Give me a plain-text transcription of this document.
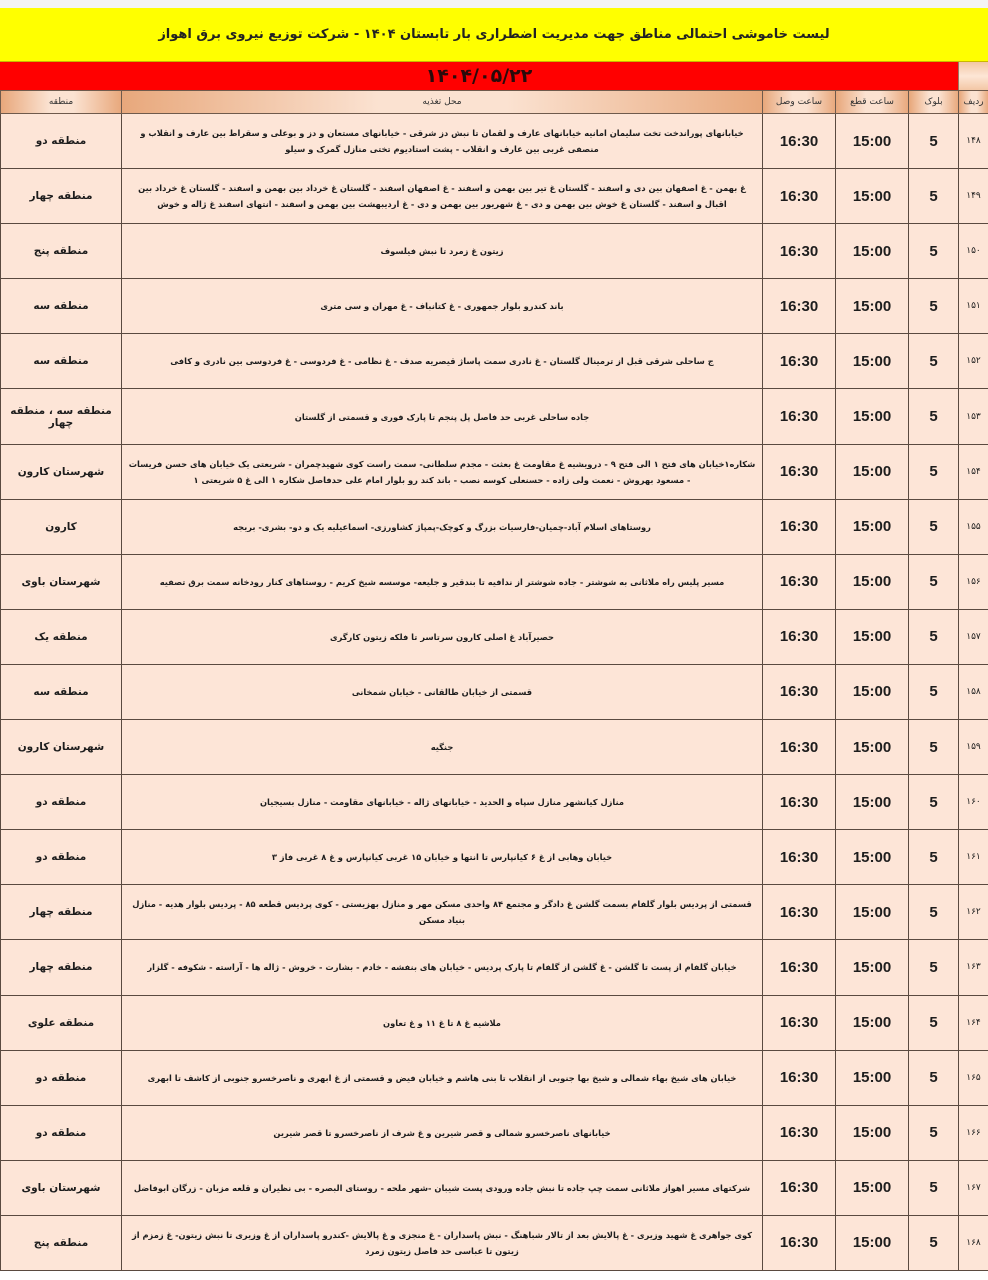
لیست خاموشی احتمالی مناطق جهت مدیریت اضطراری بار تابستان ۱۴۰۴ - شرکت توزیع نیروی برق اهواز
۱۴۰۴/۰۵/۲۲
ردیف	بلوک	ساعت قطع	ساعت وصل	محل تغذیه	منطقه
۱۴۸	5	15:00	16:30	خیابانهای پوراندخت تخت سلیمان امانیه خیابانهای عارف و لقمان تا نبش دز شرقی - خیابانهای مستعان و دز و بوعلی و سقراط بین عارف و انقلاب و منصفی غربی بین عارف و انقلاب - پشت استادیوم تختی منازل گمرک و سیلو	منطقه دو
۱۴۹	5	15:00	16:30	غ بهمن - غ اصفهان بین دی و اسفند - گلستان غ تیر بین بهمن و اسفند - غ اصفهان اسفند - گلستان غ خرداد بین بهمن و اسفند - گلستان غ خرداد بین اقبال و اسفند - گلستان غ خوش بین بهمن و دی - غ شهریور بین بهمن و دی - غ اردیبهشت بین بهمن و اسفند - انتهای اسفند غ ژاله و خوش	منطقه چهار
۱۵۰	5	15:00	16:30	زیتون غ زمرد تا نبش فیلسوف	منطقه پنج
۱۵۱	5	15:00	16:30	باند کندرو بلوار جمهوری - غ کتانباف - غ مهران و سی متری	منطقه سه
۱۵۲	5	15:00	16:30	ج ساحلی شرقی قبل از ترمینال گلستان - غ نادری سمت پاساژ قیصریه صدف - غ نظامی - غ فردوسی - غ فردوسی بین نادری و کافی	منطقه سه
۱۵۳	5	15:00	16:30	جاده ساحلی غربی حد فاصل پل پنجم تا پارک فوری و قسمتی از گلستان	منطقه سه ، منطقه چهار
۱۵۴	5	15:00	16:30	شکاره۱خیابان های فتح ۱ الی فتح ۹ - درویشیه غ مقاومت غ بعثت - مجدم سلطانی- سمت راست کوی شهیدچمران - شریعتی یک خیابان های حسن فریسات - مسعود بهروش - نعمت ولی زاده - حسنعلی کوسه نصب - باند کند رو بلوار امام علی حدفاصل شکاره ۱ الی غ ۵ شریعتی ۱	شهرستان کارون
۱۵۵	5	15:00	16:30	روستاهای اسلام آباد-چمیان-فارسیات بزرگ و کوچک-پمپاژ کشاورزی- اسماعیلیه یک و دو- بشری- بریجه	کارون
۱۵۶	5	15:00	16:30	مسیر پلیس راه ملاثانی به شوشتر - جاده شوشتر از ندافیه تا بندقیر و جلیعه- موسسه شیخ کریم - روستاهای کنار رودخانه سمت برق تصفیه	شهرستان باوی
۱۵۷	5	15:00	16:30	حصیرآباد غ اصلی کارون سرتاسر تا فلکه زیتون کارگری	منطقه یک
۱۵۸	5	15:00	16:30	قسمتی از خیابان طالقانی - خیابان شمخانی	منطقه سه
۱۵۹	5	15:00	16:30	جنگیه	شهرستان کارون
۱۶۰	5	15:00	16:30	منازل کیانشهر منازل سپاه و الحدید - خیابانهای ژاله - خیابانهای مقاومت - منازل بسیجیان	منطقه دو
۱۶۱	5	15:00	16:30	خیابان وهابی از غ ۶ کیانپارس تا انتها و خیابان ۱۵ غربی کیانپارس و غ ۸ غربی فاز ۳	منطقه دو
۱۶۲	5	15:00	16:30	قسمتی از پردیس بلوار گلفام بسمت گلشن غ دادگر و مجتمع ۸۴ واحدی مسکن مهر و منازل بهزیستی - کوی پردیس قطعه ۸۵ - پردیس بلوار هدیه - منازل بنیاد مسکن	منطقه چهار
۱۶۳	5	15:00	16:30	خیابان گلفام از پست تا گلشن - غ گلشن از گلفام تا پارک پردیس - خیابان های بنفشه - خادم - بشارت - خروش - ژاله ها - آراسته - شکوفه - گلزار	منطقه چهار
۱۶۴	5	15:00	16:30	ملاشیه غ ۸ تا غ ۱۱ و غ تعاون	منطقه علوی
۱۶۵	5	15:00	16:30	خیابان های شیخ بهاء شمالی و شیخ بها جنوبی از انقلاب تا بنی هاشم و خیابان فیض و قسمتی از غ ابهری و ناصرخسرو جنوبی از کاشف تا ابهری	منطقه دو
۱۶۶	5	15:00	16:30	خیابانهای ناصرخسرو شمالی و قصر شیرین و غ شرف از ناصرخسرو تا قصر شیرین	منطقه دو
۱۶۷	5	15:00	16:30	شرکتهای مسیر اهواز ملاثانی سمت چپ جاده تا نبش جاده ورودی پست شیبان -شهر ملحه - روستای البصره - بی نظیران و قلعه مزبان - زرگان ابوفاضل	شهرستان باوی
۱۶۸	5	15:00	16:30	کوی جواهری غ شهید وزیری - غ پالایش بعد از تالار شباهنگ - نبش پاسداران - غ منجزی و غ پالایش -کندرو پاسداران از غ وزیری تا نبش زیتون- غ زمزم از زیتون تا عباسی حد فاصل زیتون زمرد	منطقه پنج
